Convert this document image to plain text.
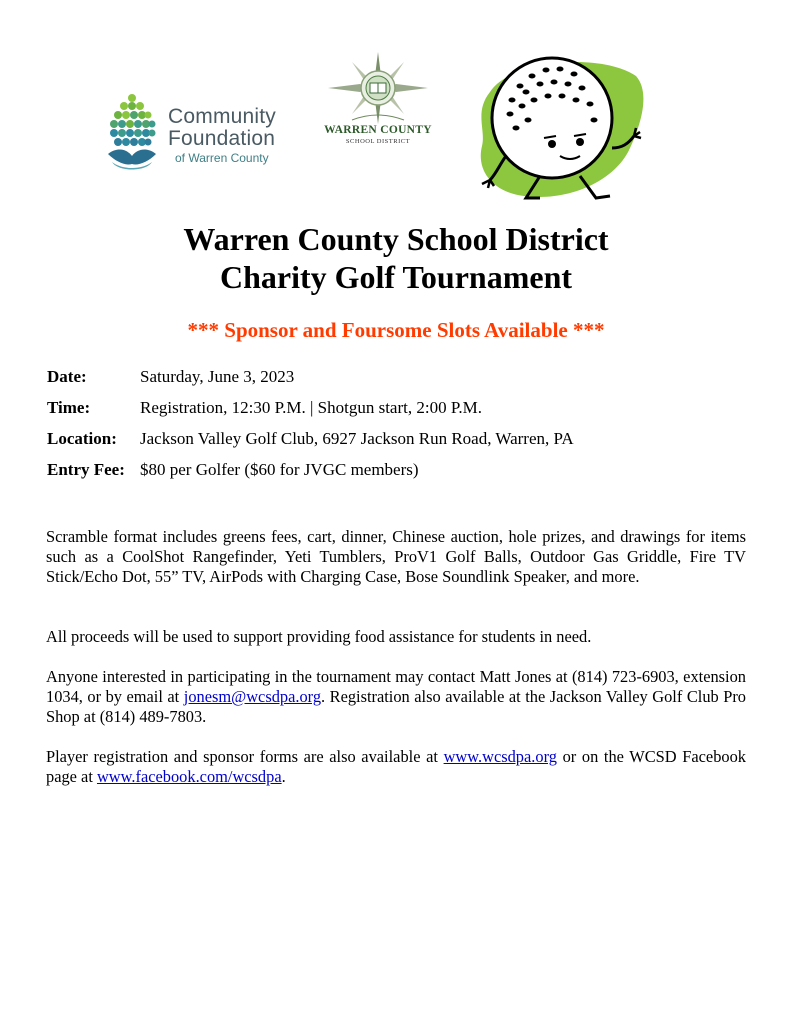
Community
Foundation
of Warren County
WARREN COUNTY
SCHOOL DISTRICT
Warren County School District
Charity Golf Tournament
*** Sponsor and Foursome Slots Available ***
Date:	Saturday, June 3, 2023
Time:	Registration, 12:30 P.M. | Shotgun start, 2:00 P.M.
Location: Jackson Valley Golf Club, 6927 Jackson Run Road, Warren, PA
Entry Fee: $80 per Golfer ($60 for JVGC members)
Scramble format includes greens fees, cart, dinner, Chinese auction, hole prizes, and drawings for items such as a CoolShot Rangefinder, Yeti Tumblers, ProV1 Golf Balls, Outdoor Gas Griddle, Fire TV Stick/Echo Dot, 55” TV, AirPods with Charging Case, Bose Soundlink Speaker, and more.
All proceeds will be used to support providing food assistance for students in need.
Anyone interested in participating in the tournament may contact Matt Jones at (814) 723-6903, extension 1034, or by email at jonesm@wcsdpa.org. Registration also available at the Jackson Valley Golf Club Pro Shop at (814) 489-7803.
Player registration and sponsor forms are also available at www.wcsdpa.org or on the WCSD Facebook page at www.facebook.com/wcsdpa.
